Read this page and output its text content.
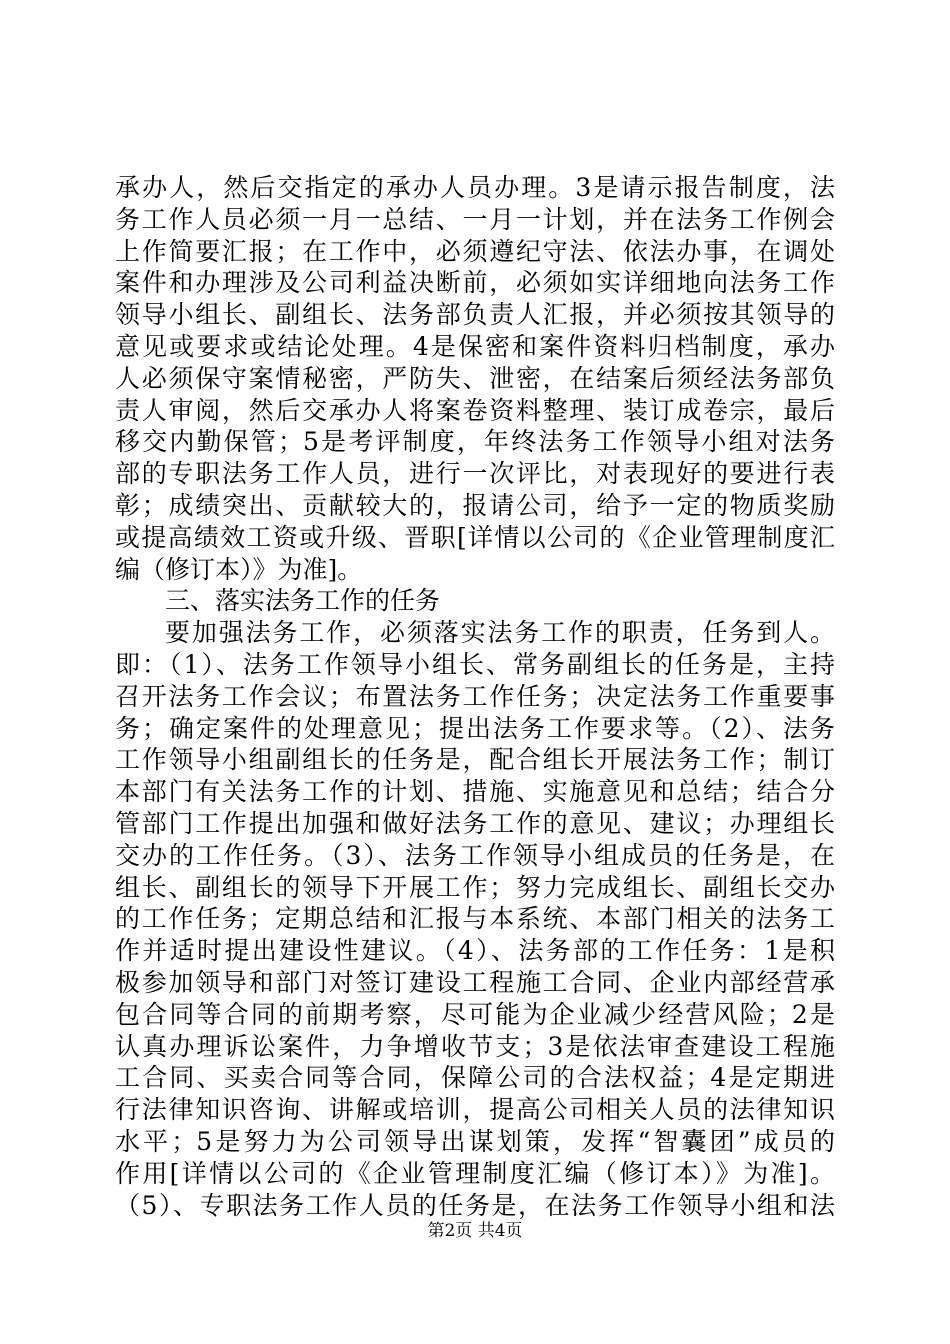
承办人，然后交指定的承办人员办理。3是请示报告制度，法
务工作人员必须一月一总结、一月一计划，并在法务工作例会
上作简要汇报；在工作中，必须遵纪守法、依法办事，在调处
案件和办理涉及公司利益决断前，必须如实详细地向法务工作
领导小组长、副组长、法务部负责人汇报，并必须按其领导的
意见或要求或结论处理。4是保密和案件资料归档制度，承办
人必须保守案情秘密，严防失、泄密，在结案后须经法务部负
责人审阅，然后交承办人将案卷资料整理、装订成卷宗，最后
移交内勤保管；5是考评制度，年终法务工作领导小组对法务
部的专职法务工作人员，进行一次评比，对表现好的要进行表
彰；成绩突出、贡献较大的，报请公司，给予一定的物质奖励
或提高绩效工资或升级、晋职[详情以公司的《企业管理制度汇
编（修订本）》为准]。
三、落实法务工作的任务
要加强法务工作，必须落实法务工作的职责，任务到人。
即：（1）、法务工作领导小组长、常务副组长的任务是，主持
召开法务工作会议；布置法务工作任务；决定法务工作重要事
务；确定案件的处理意见；提出法务工作要求等。（2）、法务
工作领导小组副组长的任务是，配合组长开展法务工作；制订
本部门有关法务工作的计划、措施、实施意见和总结；结合分
管部门工作提出加强和做好法务工作的意见、建议；办理组长
交办的工作任务。（3）、法务工作领导小组成员的任务是，在
组长、副组长的领导下开展工作；努力完成组长、副组长交办
的工作任务；定期总结和汇报与本系统、本部门相关的法务工
作并适时提出建设性建议。（4）、法务部的工作任务：1是积
极参加领导和部门对签订建设工程施工合同、企业内部经营承
包合同等合同的前期考察，尽可能为企业减少经营风险；2是
认真办理诉讼案件，力争增收节支；3是依法审查建设工程施
工合同、买卖合同等合同，保障公司的合法权益；4是定期进
行法律知识咨询、讲解或培训，提高公司相关人员的法律知识
水平；5是努力为公司领导出谋划策，发挥“智囊团”成员的
作用[详情以公司的《企业管理制度汇编（修订本）》为准]。
（5）、专职法务工作人员的任务是，在法务工作领导小组和法
第2页 共4页
